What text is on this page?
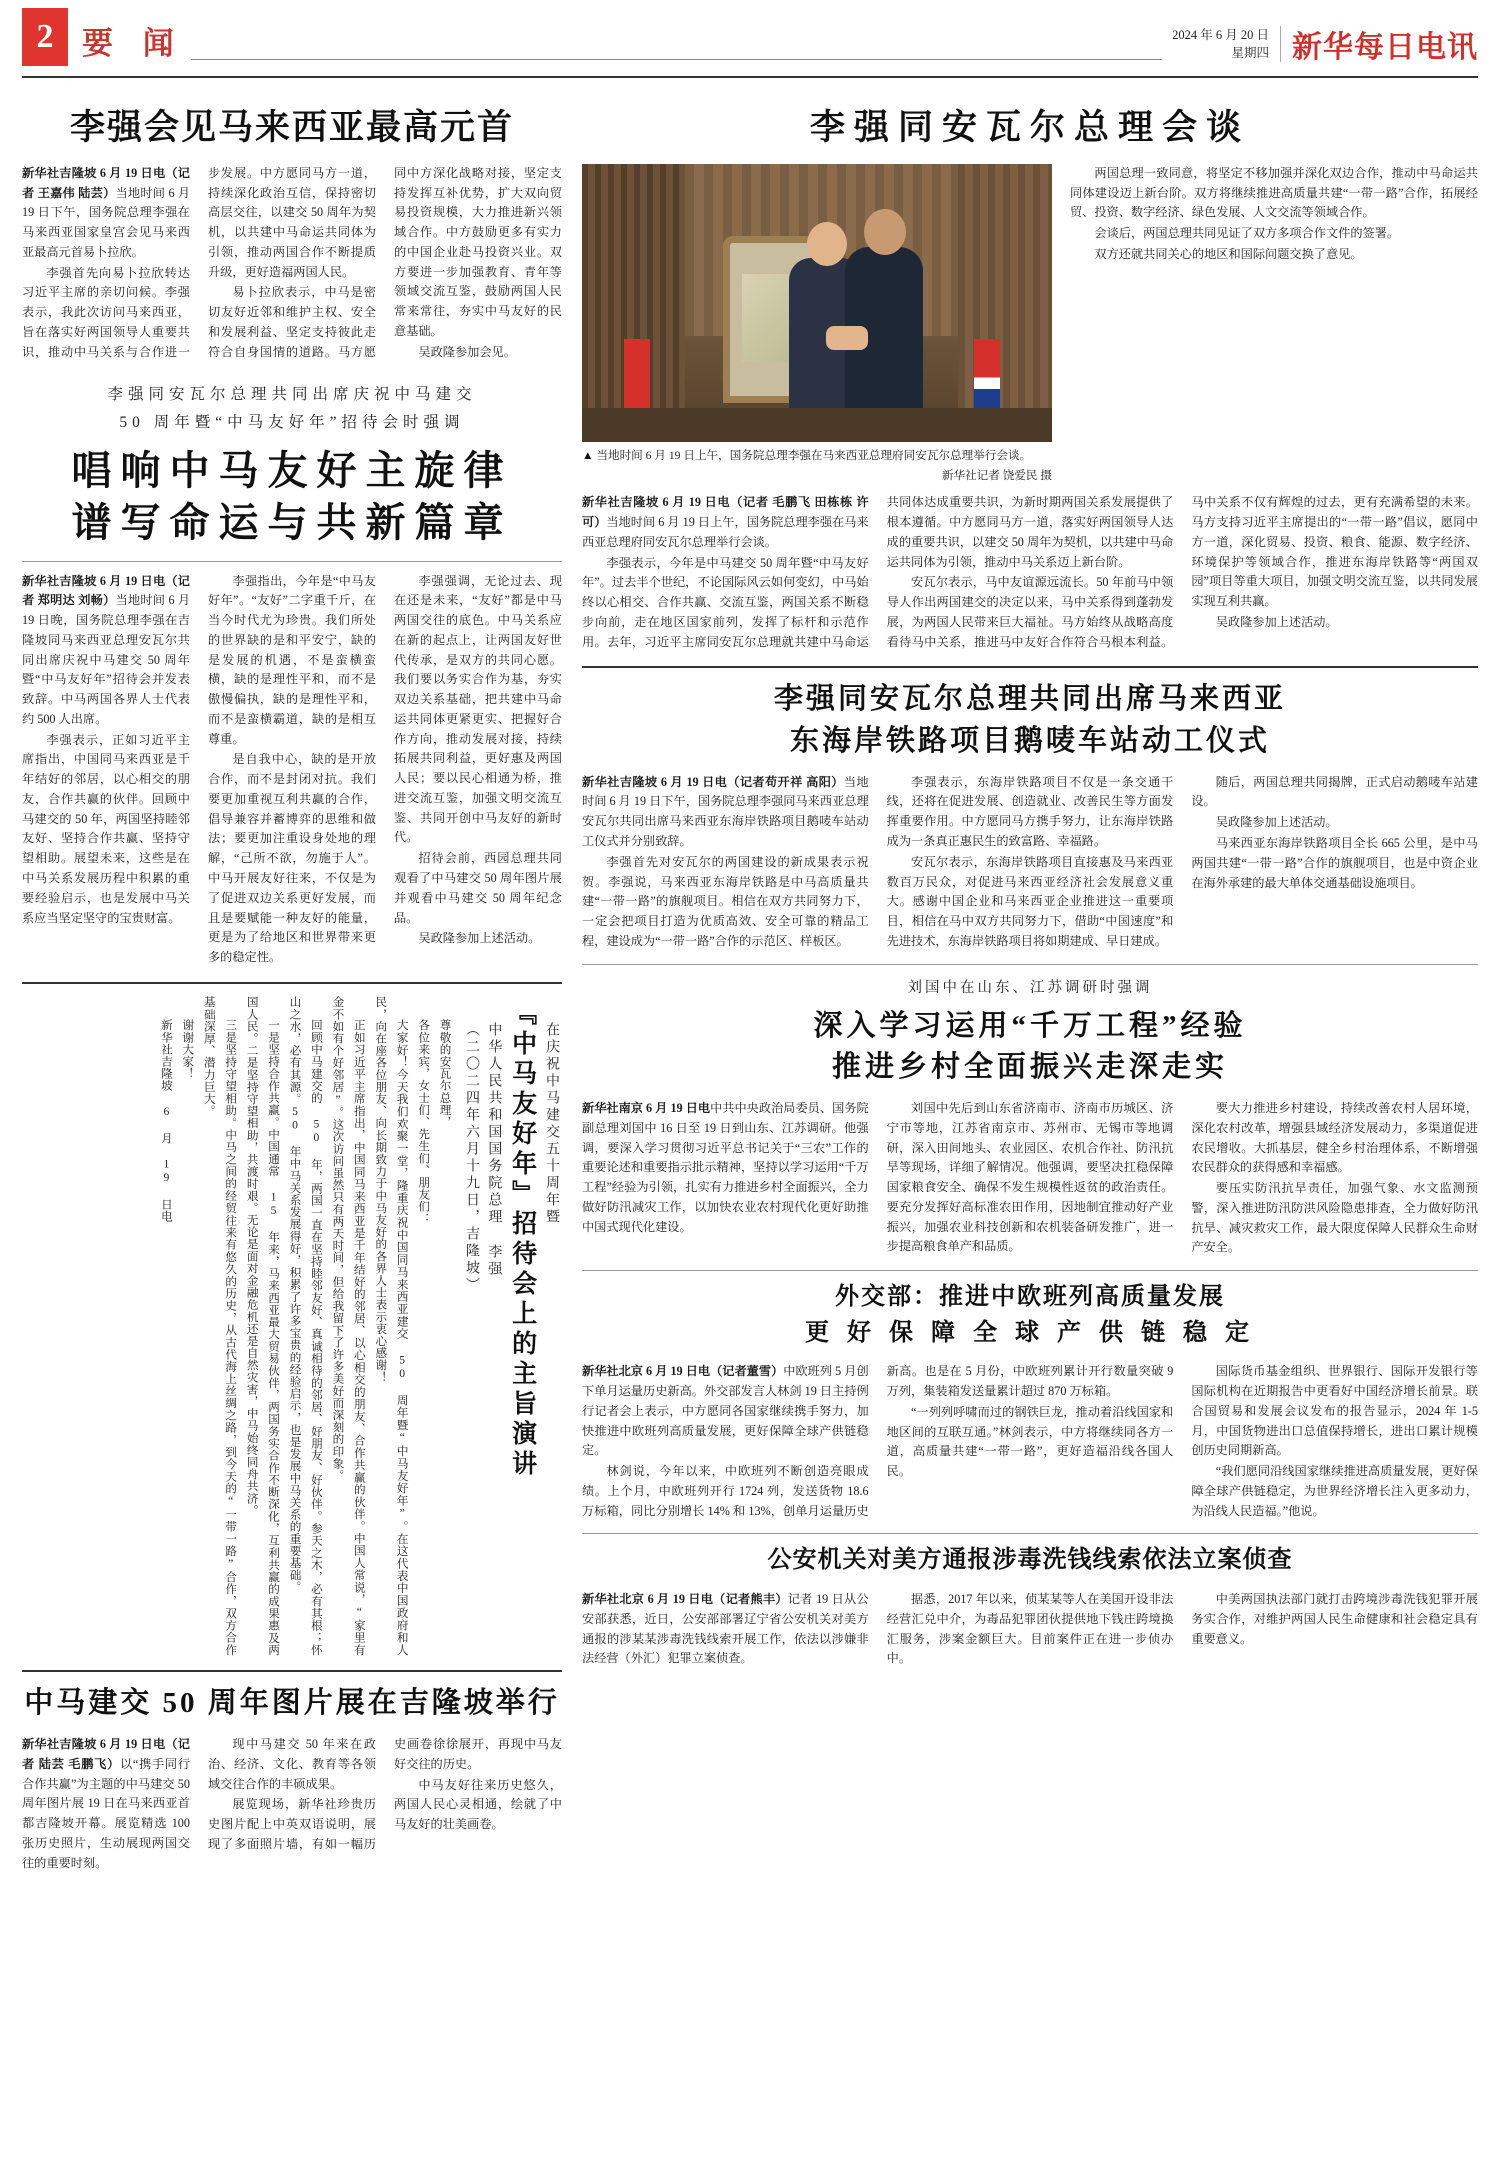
2 要 闻	2024 年 6 月 20 日
星期四 新华每日电讯
李强会见马来西亚最高元首

新华社吉隆坡 6 月 19 日电（记者 王嘉伟 陆芸）当地时间 6 月 19 日下午，国务院总理李强在马来西亚国家皇宫会见马来西亚最高元首易卜拉欣。

李强首先向易卜拉欣转达习近平主席的亲切问候。李强表示，我此次访问马来西亚，旨在落实好两国领导人重要共识，推动中马关系与合作进一步发展。中方愿同马方一道，持续深化政治互信，保持密切高层交往，以建交 50 周年为契机，以共建中马命运共同体为引领，推动两国合作不断提质升级，更好造福两国人民。

易卜拉欣表示，中马是密切友好近邻和维护主权、安全和发展利益、坚定支持彼此走符合自身国情的道路。马方愿同中方深化战略对接，坚定支持发挥互补优势，扩大双向贸易投资规模，大力推进新兴领域合作。中方鼓励更多有实力的中国企业赴马投资兴业。双方要进一步加强教育、青年等领域交流互鉴，鼓励两国人民常来常往，夯实中马友好的民意基础。

吴政隆参加会见。

李强同安瓦尔总理共同出席庆祝中马建交
50 周年暨“中马友好年”招待会时强调
唱响中马友好主旋律
谱写命运与共新篇章

新华社吉隆坡 6 月 19 日电（记者 郑明达 刘畅）当地时间 6 月 19 日晚，国务院总理李强在吉隆坡同马来西亚总理安瓦尔共同出席庆祝中马建交 50 周年暨“中马友好年”招待会并发表致辞。中马两国各界人士代表约 500 人出席。

李强表示，正如习近平主席指出，中国同马来西亚是千年结好的邻居，以心相交的朋友，合作共赢的伙伴。回顾中马建交的 50 年，两国坚持睦邻友好、坚持合作共赢、坚持守望相助。展望未来，这些是在中马关系发展历程中积累的重要经验启示，也是发展中马关系应当坚定坚守的宝贵财富。

李强指出，今年是“中马友好年”。“友好”二字重千斤，在当今时代尤为珍贵。我们所处的世界缺的是和平安宁，缺的是发展的机遇，不是蛮横蛮横，缺的是理性平和，而不是傲慢偏执，缺的是理性平和，而不是蛮横霸道，缺的是相互尊重。

是自我中心，缺的是开放合作，而不是封闭对抗。我们要更加重视互利共赢的合作，倡导兼容并蓄博弈的思维和做法；要更加注重设身处地的理解，“己所不欲，勿施于人”。中马开展友好往来，不仅是为了促进双边关系更好发展，而且是要赋能一种友好的能量，更是为了给地区和世界带来更多的稳定性。

李强强调，无论过去、现在还是未来，“友好”都是中马两国交往的底色。中马关系应在新的起点上，让两国友好世代传承，是双方的共同心愿。我们要以务实合作为基，夯实双边关系基础，把共建中马命运共同体更紧更实、把握好合作方向，推动发展对接，持续拓展共同利益，更好惠及两国人民；要以民心相通为桥，推进交流互鉴，加强文明交流互鉴、共同开创中马友好的新时代。

招待会前，西园总理共同观看了中马建交 50 周年图片展并观看中马建交 50 周年纪念品。

吴政隆参加上述活动。

在庆祝中马建交五十周年暨
『中马友好年』招待会上的主旨演讲
中华人民共和国国务院总理 李强
（二〇二四年六月十九日，吉隆坡）

尊敬的安瓦尔总理，

各位来宾，女士们、先生们、朋友们：

大家好！今天我们欢聚一堂，隆重庆祝中国同马来西亚建交 50 周年暨“中马友好年”。在这代表中国政府和人民，向在座各位朋友、向长期致力于中马友好的各界人士表示衷心感谢！

正如习近平主席指出，中国同马来西亚是千年结好的邻居、以心相交的朋友、合作共赢的伙伴。中国人常说，“家里有金不如有个好邻居”。这次访问虽然只有两天时间，但给我留下了许多美好而深刻的印象。

回顾中马建交的 50 年，两国一直在坚持睦邻友好、真诚相待的邻居、好朋友、好伙伴。参天之木，必有其根；怀山之水，必有其源。50 年中马关系发展得好，积累了许多宝贵的经验启示，也是发展中马关系的重要基础。

一是坚持合作共赢。中国通常 15 年来，马来西亚最大贸易伙伴，两国务实合作不断深化，互利共赢的成果惠及两国人民。二是坚持守望相助，共渡时艰。无论是面对金融危机还是自然灾害，中马始终同舟共济。

三是坚持守望相助。中马之间的经贸往来有悠久的历史，从古代海上丝绸之路，到今天的“一带一路”合作，双方合作基础深厚、潜力巨大。

谢谢大家！

新华社吉隆坡 6 月 19 日电

中马建交 50 周年图片展在吉隆坡举行

新华社吉隆坡 6 月 19 日电（记者 陆芸 毛鹏飞）以“携手同行 合作共赢”为主题的中马建交 50 周年图片展 19 日在马来西亚首都吉隆坡开幕。展览精选 100 张历史照片，生动展现两国交往的重要时刻。

现中马建交 50 年来在政治、经济、文化、教育等各领域交往合作的丰硕成果。

展览现场，新华社珍贵历史图片配上中英双语说明，展现了多面照片墙，有如一幅历史画卷徐徐展开，再现中马友好交往的历史。

中马友好往来历史悠久，两国人民心灵相通，绘就了中马友好的壮美画卷。

李强同安瓦尔总理会谈
▲ 当地时间 6 月 19 日上午，国务院总理李强在马来西亚总理府同安瓦尔总理举行会谈。
新华社记者 饶爱民 摄

两国总理一致同意，将坚定不移加强并深化双边合作，推动中马命运共同体建设迈上新台阶。双方将继续推进高质量共建“一带一路”合作，拓展经贸、投资、数字经济、绿色发展、人文交流等领域合作。

会谈后，两国总理共同见证了双方多项合作文件的签署。

双方还就共同关心的地区和国际问题交换了意见。

新华社吉隆坡 6 月 19 日电（记者 毛鹏飞 田栋栋 许可）当地时间 6 月 19 日上午，国务院总理李强在马来西亚总理府同安瓦尔总理举行会谈。

李强表示，今年是中马建交 50 周年暨“中马友好年”。过去半个世纪，不论国际风云如何变幻，中马始终以心相交、合作共赢、交流互鉴，两国关系不断稳步向前，走在地区国家前列，发挥了标杆和示范作用。去年，习近平主席同安瓦尔总理就共建中马命运共同体达成重要共识，为新时期两国关系发展提供了根本遵循。中方愿同马方一道，落实好两国领导人达成的重要共识，以建交 50 周年为契机，以共建中马命运共同体为引领，推动中马关系迈上新台阶。

安瓦尔表示，马中友谊源远流长。50 年前马中领导人作出两国建交的决定以来，马中关系得到蓬勃发展，为两国人民带来巨大福祉。马方始终从战略高度看待马中关系，推进马中友好合作符合马根本利益。马中关系不仅有辉煌的过去，更有充满希望的未来。马方支持习近平主席提出的“一带一路”倡议，愿同中方一道，深化贸易、投资、粮食、能源、数字经济、环境保护等领域合作，推进东海岸铁路等“两国双园”项目等重大项目，加强文明交流互鉴，以共同发展实现互利共赢。

吴政隆参加上述活动。

李强同安瓦尔总理共同出席马来西亚
东海岸铁路项目鹅唛车站动工仪式

新华社吉隆坡 6 月 19 日电（记者苟开祥 高阳）当地时间 6 月 19 日下午，国务院总理李强同马来西亚总理安瓦尔共同出席马来西亚东海岸铁路项目鹅唛车站动工仪式并分别致辞。

李强首先对安瓦尔的两国建设的新成果表示祝贺。李强说，马来西亚东海岸铁路是中马高质量共建“一带一路”的旗舰项目。相信在双方共同努力下，一定会把项目打造为优质高效、安全可靠的精品工程，建设成为“一带一路”合作的示范区、样板区。

李强表示，东海岸铁路项目不仅是一条交通干线，还将在促进发展、创造就业、改善民生等方面发挥重要作用。中方愿同马方携手努力，让东海岸铁路成为一条真正惠民生的致富路、幸福路。

安瓦尔表示，东海岸铁路项目直接惠及马来西亚数百万民众，对促进马来西亚经济社会发展意义重大。感谢中国企业和马来西亚企业推进这一重要项目，相信在马中双方共同努力下，借助“中国速度”和先进技术，东海岸铁路项目将如期建成、早日建成。

随后，两国总理共同揭牌，正式启动鹅唛车站建设。

吴政隆参加上述活动。

马来西亚东海岸铁路项目全长 665 公里，是中马两国共建“一带一路”合作的旗舰项目，也是中资企业在海外承建的最大单体交通基础设施项目。

刘国中在山东、江苏调研时强调
深入学习运用“千万工程”经验
推进乡村全面振兴走深走实

新华社南京 6 月 19 日电中共中央政治局委员、国务院副总理刘国中 16 日至 19 日到山东、江苏调研。他强调，要深入学习贯彻习近平总书记关于“三农”工作的重要论述和重要指示批示精神，坚持以学习运用“千万工程”经验为引领，扎实有力推进乡村全面振兴，全力做好防汛减灾工作，以加快农业农村现代化更好助推中国式现代化建设。

刘国中先后到山东省济南市、济南市历城区、济宁市等地，江苏省南京市、苏州市、无锡市等地调研，深入田间地头、农业园区、农机合作社、防汛抗旱等现场，详细了解情况。他强调，要坚决扛稳保障国家粮食安全、确保不发生规模性返贫的政治责任。要充分发挥好高标准农田作用，因地制宜推动好产业振兴，加强农业科技创新和农机装备研发推广，进一步提高粮食单产和品质。

要大力推进乡村建设，持续改善农村人居环境，深化农村改革，增强县域经济发展动力，多渠道促进农民增收。大抓基层，健全乡村治理体系，不断增强农民群众的获得感和幸福感。

要压实防汛抗旱责任，加强气象、水文监测预警，深入推进防汛防洪风险隐患排查，全力做好防汛抗旱、减灾救灾工作，最大限度保障人民群众生命财产安全。

外交部：推进中欧班列高质量发展
更 好 保 障 全 球 产 供 链 稳 定

新华社北京 6 月 19 日电（记者董雪）中欧班列 5 月创下单月运量历史新高。外交部发言人林剑 19 日主持例行记者会上表示，中方愿同各国家继续携手努力，加快推进中欧班列高质量发展，更好保障全球产供链稳定。

林剑说，今年以来，中欧班列不断创造亮眼成绩。上个月，中欧班列开行 1724 列，发送货物 18.6 万标箱，同比分别增长 14% 和 13%，创单月运量历史新高。也是在 5 月份，中欧班列累计开行数量突破 9 万列，集装箱发送量累计超过 870 万标箱。

“一列列呼啸而过的钢铁巨龙，推动着沿线国家和地区间的互联互通。”林剑表示，中方将继续同各方一道，高质量共建“一带一路”，更好造福沿线各国人民。

国际货币基金组织、世界银行、国际开发银行等国际机构在近期报告中更看好中国经济增长前景。联合国贸易和发展会议发布的报告显示，2024 年 1-5 月，中国货物进出口总值保持增长，进出口累计规模创历史同期新高。

“我们愿同沿线国家继续推进高质量发展，更好保障全球产供链稳定，为世界经济增长注入更多动力，为沿线人民造福。”他说。

公安机关对美方通报涉毒洗钱线索依法立案侦查

新华社北京 6 月 19 日电（记者熊丰）记者 19 日从公安部获悉，近日，公安部部署辽宁省公安机关对美方通报的涉某某涉毒洗钱线索开展工作，依法以涉嫌非法经营（外汇）犯罪立案侦查。

据悉，2017 年以来，侦某某等人在美国开设非法经营汇兑中介，为毒品犯罪团伙提供地下钱庄跨境换汇服务，涉案金额巨大。目前案件正在进一步侦办中。

中美两国执法部门就打击跨境涉毒洗钱犯罪开展务实合作，对维护两国人民生命健康和社会稳定具有重要意义。
